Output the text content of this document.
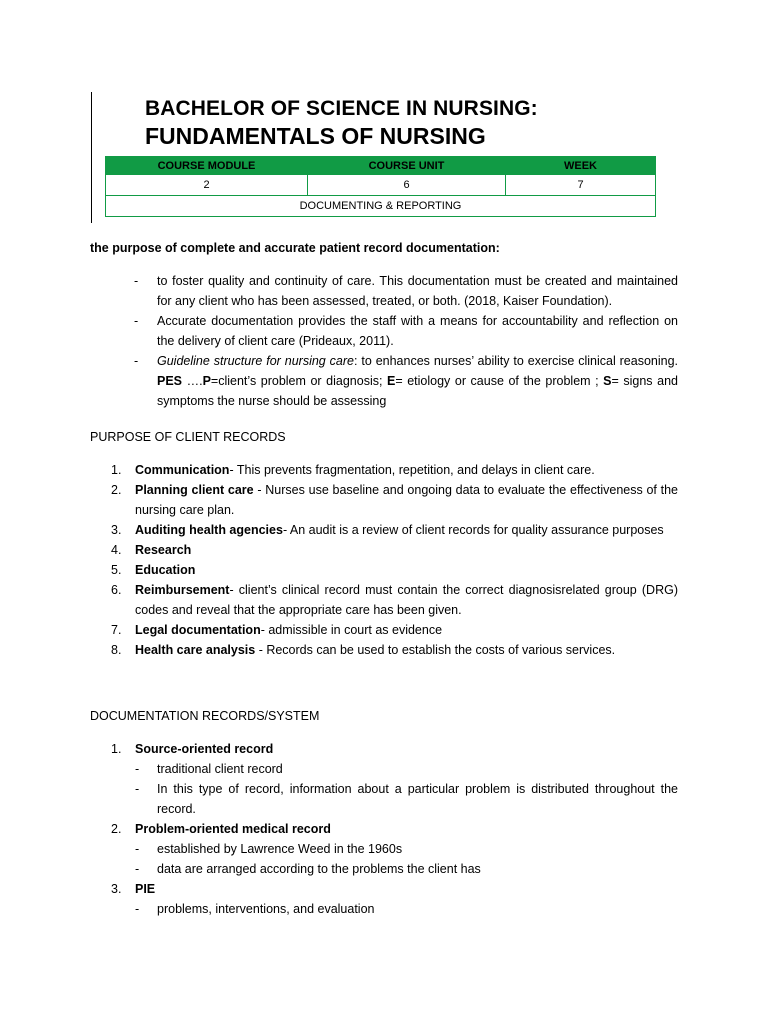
BACHELOR OF SCIENCE IN NURSING:
FUNDAMENTALS OF NURSING
COURSE MODULE	COURSE UNIT	WEEK
2	6	7
DOCUMENTING & REPORTING		

the purpose of complete and accurate patient record documentation:

- to foster quality and continuity of care. This documentation must be created and maintained for any client who has been assessed, treated, or both. (2018, Kaiser Foundation).
- Accurate documentation provides the staff with a means for accountability and reflection on the delivery of client care (Prideaux, 2011).
- Guideline structure for nursing care: to enhances nurses’ ability to exercise clinical reasoning. PES ….P=client’s problem or diagnosis; E= etiology or cause of the problem ; S= signs and symptoms the nurse should be assessing

PURPOSE OF CLIENT RECORDS

1. Communication- This prevents fragmentation, repetition, and delays in client care.
2. Planning client care - Nurses use baseline and ongoing data to evaluate the effectiveness of the nursing care plan.
3. Auditing health agencies- An audit is a review of client records for quality assurance purposes
4. Research
5. Education
6. Reimbursement- client’s clinical record must contain the correct diagnosisrelated group (DRG) codes and reveal that the appropriate care has been given.
7. Legal documentation- admissible in court as evidence
8. Health care analysis - Records can be used to establish the costs of various services.

DOCUMENTATION RECORDS/SYSTEM

1. Source-oriented record
- traditional client record
- In this type of record, information about a particular problem is distributed throughout the record.
2. Problem-oriented medical record
- established by Lawrence Weed in the 1960s
- data are arranged according to the problems the client has
3. PIE
- problems, interventions, and evaluation
